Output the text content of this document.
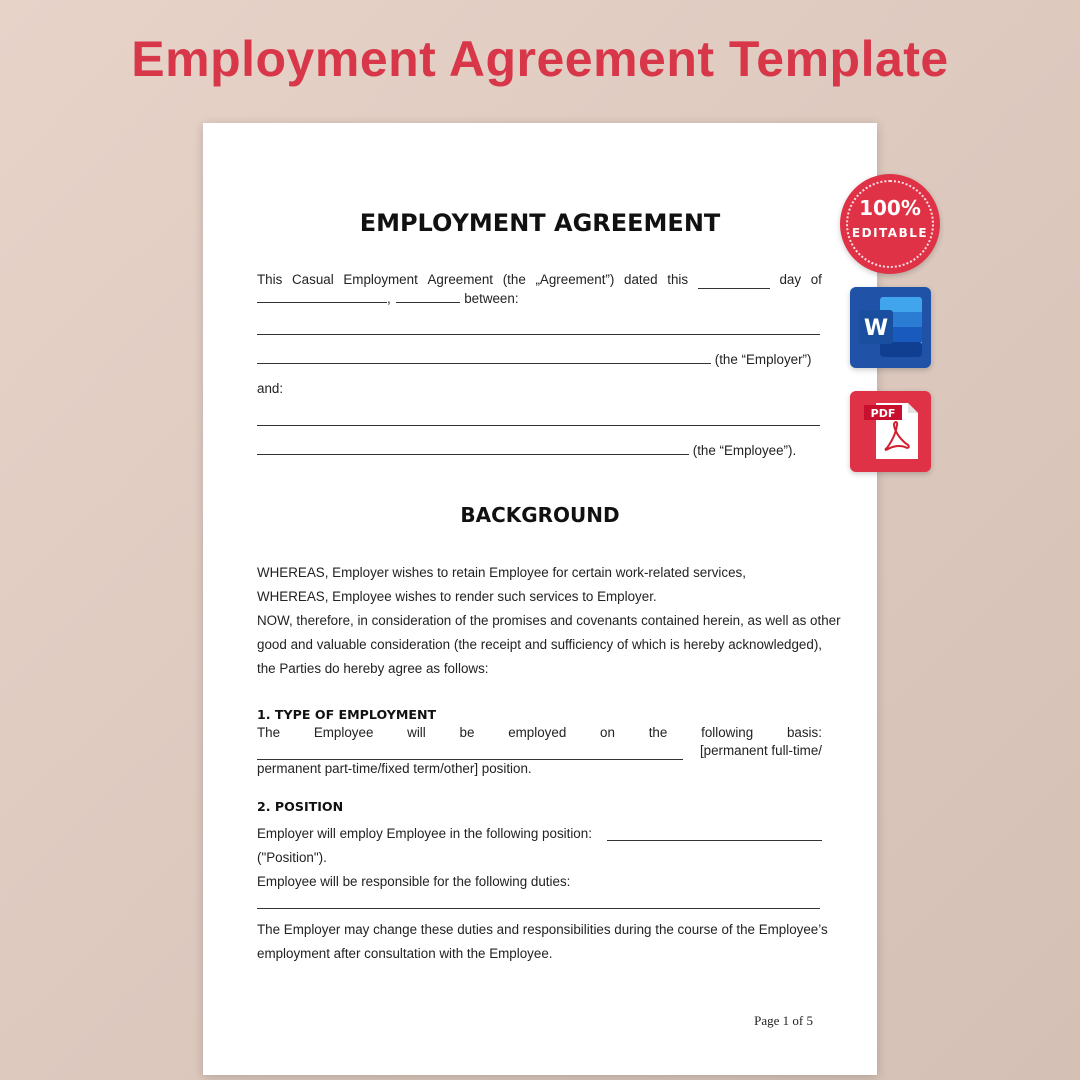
Employment Agreement Template
EMPLOYMENT AGREEMENT
This Casual Employment Agreement (the „Agreement”) dated this	day of
,	between:
(the “Employer”)
and:
(the “Employee”).
BACKGROUND
WHEREAS, Employer wishes to retain Employee for certain work-related services,
WHEREAS, Employee wishes to render such services to Employer.
NOW, therefore, in consideration of the promises and covenants contained herein, as well as other
good and valuable consideration (the receipt and sufficiency of which is hereby acknowledged),
the Parties do hereby agree as follows:
1. TYPE OF EMPLOYMENT
The	Employee	will	be	employed	on	the	following	basis:
[permanent full-time/
permanent part-time/fixed term/other] position.
2. POSITION
Employer will employ Employee in the following position:
("Position").
Employee will be responsible for the following duties:
The Employer may change these duties and responsibilities during the course of the Employee’s
employment after consultation with the Employee.
Page 1 of 5
100%
EDITABLE
W
PDF
